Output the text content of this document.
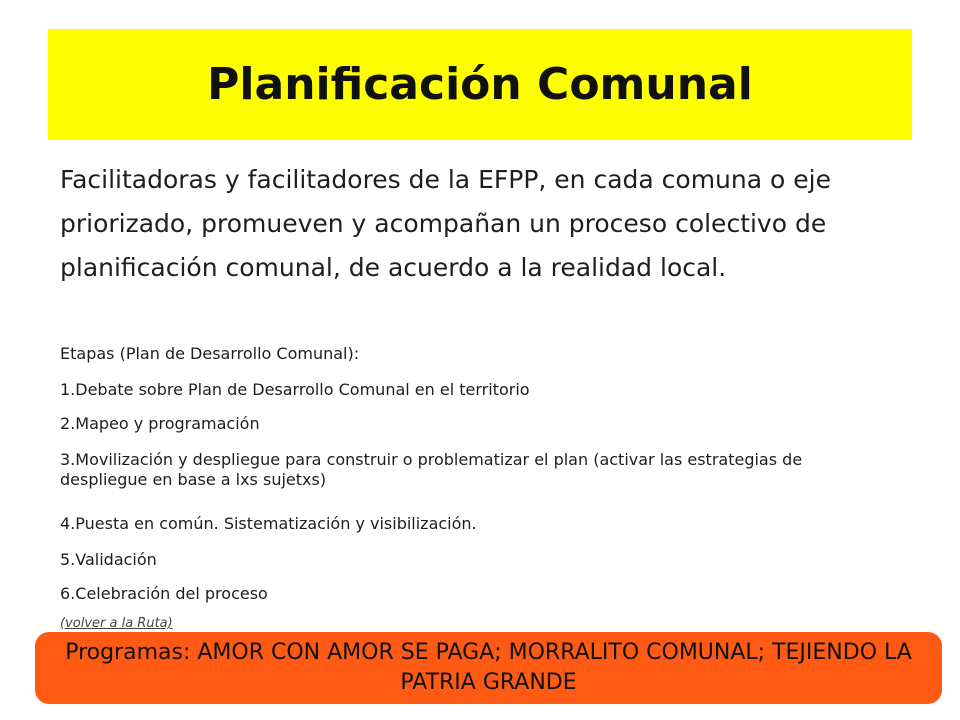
Planificación Comunal

Facilitadoras y facilitadores de la EFPP, en cada comuna o eje priorizado, promueven y acompañan un proceso colectivo de planificación comunal, de acuerdo a la realidad local.

Etapas (Plan de Desarrollo Comunal):

1.Debate sobre Plan de Desarrollo Comunal en el territorio

2.Mapeo y programación

3.Movilización y despliegue para construir o problematizar el plan (activar las estrategias de despliegue en base a lxs sujetxs)

4.Puesta en común. Sistematización y visibilización.

5.Validación

6.Celebración del proceso

(volver a la Ruta)
Programas: AMOR CON AMOR SE PAGA; MORRALITO COMUNAL; TEJIENDO LA PATRIA GRANDE
